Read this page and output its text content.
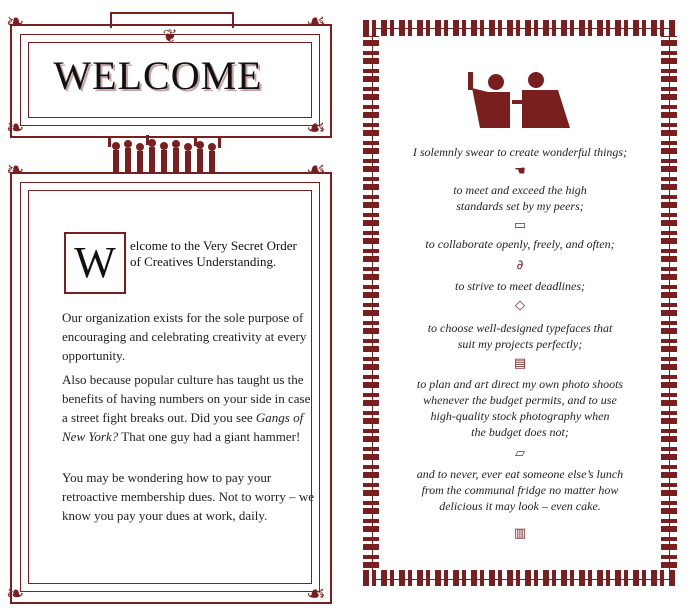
❦
❧	☙
❧	☙
WELCOME
❧	☙
❧	☙
W elcome to the Very Secret Order of Creatives Understanding.
Our organization exists for the sole purpose of encouraging and celebrating creativity at every opportunity.
Also because popular culture has taught us the benefits of having numbers on your side in case a street fight breaks out. Did you see Gangs of New York? That one guy had a giant hammer!
You may be wondering how to pay your retroactive membership dues. Not to worry – we know you pay your dues at work, daily.
I solemnly swear to create wonderful things;
☚
to meet and exceed the high
standards set by my peers;
▭
to collaborate openly, freely, and often;
∂
to strive to meet deadlines;
◇
to choose well-designed typefaces that
suit my projects perfectly;
▤
to plan and art direct my own photo shoots
whenever the budget permits, and to use
high-quality stock photography when
the budget does not;
▱
and to never, ever eat someone else’s lunch
from the communal fridge no matter how
delicious it may look – even cake.
▥
